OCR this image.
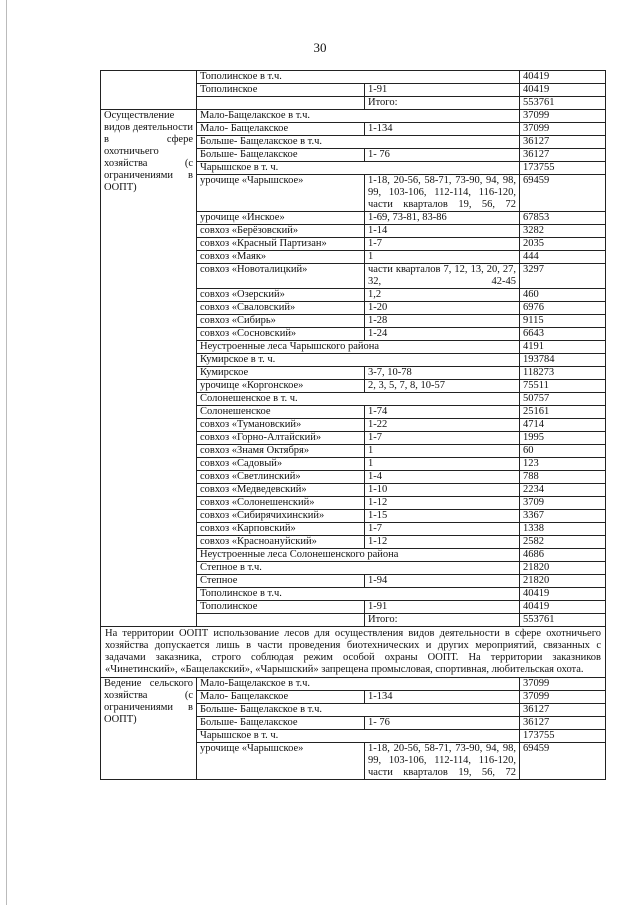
30
	Тополинское в т.ч.		40419
	Тополинское	1-91	40419
		Итого:	553761
Осуществление видов деятельности в сфере охотничьего хозяйства (с ограничениями в ООПТ)	Мало-Бащелакское в т.ч.		37099
	Мало- Бащелакское	1-134	37099
	Больше- Бащелакское в т.ч.		36127
	Больше- Бащелакское	1- 76	36127
	Чарышское в т. ч.		173755
	урочище «Чарышское»	1-18, 20-56, 58-71, 73-90, 94, 98, 99, 103-106, 112-114, 116-120, части кварталов 19, 56, 72	69459
	урочище «Инское»	1-69, 73-81, 83-86	67853
	совхоз «Берёзовский»	1-14	3282
	совхоз «Красный Партизан»	1-7	2035
	совхоз «Маяк»	1	444
	совхоз «Новоталицкий»	части кварталов 7, 12, 13, 20, 27, 32, 42-45	3297
	совхоз «Озерский»	1,2	460
	совхоз «Сваловский»	1-20	6976
	совхоз «Сибирь»	1-28	9115
	совхоз «Сосновский»	1-24	6643
	Неустроенные леса Чарышского района		4191
	Кумирское в т. ч.		193784
	Кумирское	3-7, 10-78	118273
	урочище «Коргонское»	2, 3, 5, 7, 8, 10-57	75511
	Солонешенское в т. ч.		50757
	Солонешенское	1-74	25161
	совхоз «Тумановский»	1-22	4714
	совхоз «Горно-Алтайский»	1-7	1995
	совхоз «Знамя Октября»	1	60
	совхоз «Садовый»	1	123
	совхоз «Светлинский»	1-4	788
	совхоз «Медведевский»	1-10	2234
	совхоз «Солонешенский»	1-12	3709
	совхоз «Сибирячихинский»	1-15	3367
	совхоз «Карповский»	1-7	1338
	совхоз «Красноануйский»	1-12	2582
	Неустроенные леса Солонешенского района		4686
	Степное в т.ч.		21820
	Степное	1-94	21820
	Тополинское в т.ч.		40419
	Тополинское	1-91	40419
		Итого:	553761
На территории ООПТ использование лесов для осуществления видов деятельности в сфере охотничьего хозяйства допускается лишь в части проведения биотехнических и других мероприятий, связанных с задачами заказника, строго соблюдая режим особой охраны ООПТ. На территории заказников «Чинетинский», «Бащелакский», «Чарышский» запрещена промысловая, спортивная, любительская охота.			
Ведение сельского хозяйства (с ограничениями в ООПТ)	Мало-Бащелакское в т.ч.		37099
	Мало- Бащелакское	1-134	37099
	Больше- Бащелакское в т.ч.		36127
	Больше- Бащелакское	1- 76	36127
	Чарышское в т. ч.		173755
	урочище «Чарышское»	1-18, 20-56, 58-71, 73-90, 94, 98, 99, 103-106, 112-114, 116-120, части кварталов 19, 56, 72	69459
